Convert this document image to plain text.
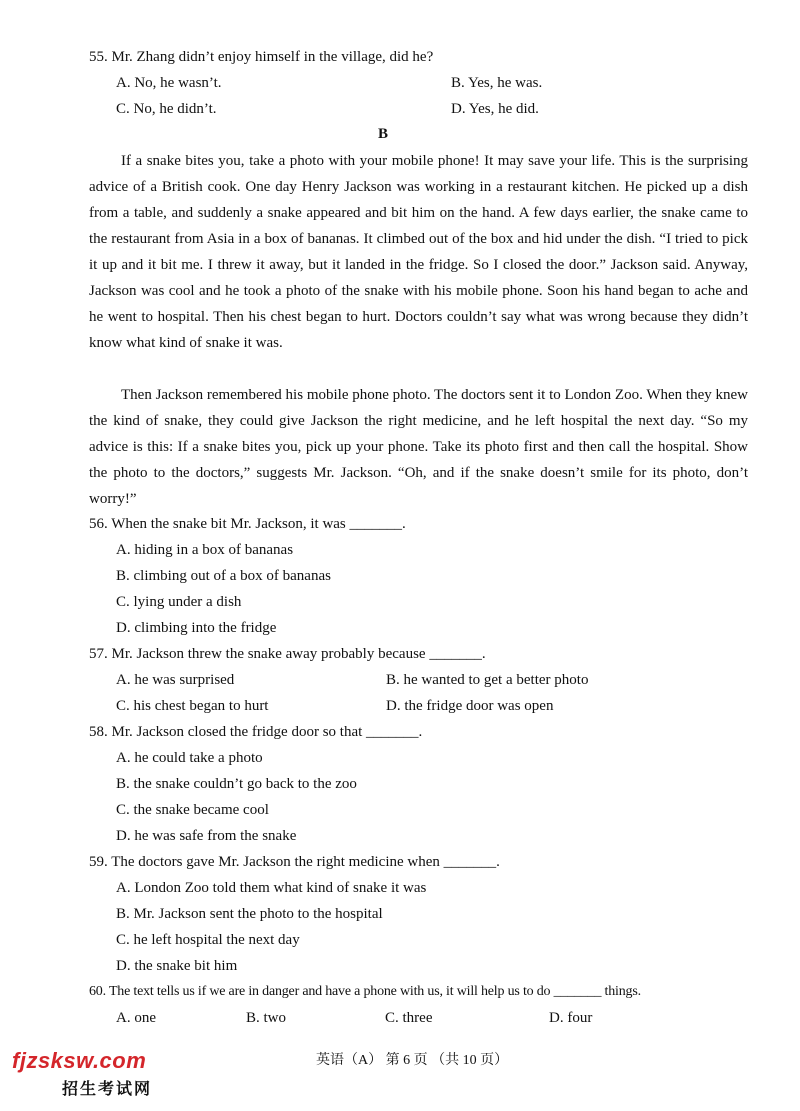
55. Mr. Zhang didn’t enjoy himself in the village, did he?
A. No, he wasn’t.	B. Yes, he was.
C. No, he didn’t.	D. Yes, he did.
B
If a snake bites you, take a photo with your mobile phone! It may save your life. This is the surprising advice of a British cook. One day Henry Jackson was working in a restaurant kitchen. He picked up a dish from a table, and suddenly a snake appeared and bit him on the hand. A few days earlier, the snake came to the restaurant from Asia in a box of bananas. It climbed out of the box and hid under the dish. “I tried to pick it up and it bit me. I threw it away, but it landed in the fridge. So I closed the door.” Jackson said. Anyway, Jackson was cool and he took a photo of the snake with his mobile phone. Soon his hand began to ache and he went to hospital. Then his chest began to hurt. Doctors couldn’t say what was wrong because they didn’t know what kind of snake it was.
Then Jackson remembered his mobile phone photo. The doctors sent it to London Zoo. When they knew the kind of snake, they could give Jackson the right medicine, and he left hospital the next day. “So my advice is this: If a snake bites you, pick up your phone. Take its photo first and then call the hospital. Show the photo to the doctors,” suggests Mr. Jackson. “Oh, and if the snake doesn’t smile for its photo, don’t worry!”
56. When the snake bit Mr. Jackson, it was _______.
A. hiding in a box of bananas
B. climbing out of a box of bananas
C. lying under a dish
D. climbing into the fridge
57. Mr. Jackson threw the snake away probably because _______.
A. he was surprised	B. he wanted to get a better photo
C. his chest began to hurt	D. the fridge door was open
58. Mr. Jackson closed the fridge door so that _______.
A. he could take a photo
B. the snake couldn’t go back to the zoo
C. the snake became cool
D. he was safe from the snake
59. The doctors gave Mr. Jackson the right medicine when _______.
A. London Zoo told them what kind of snake it was
B. Mr. Jackson sent the photo to the hospital
C. he left hospital the next day
D. the snake bit him
60. The text tells us if we are in danger and have a phone with us, it will help us to do _______ things.
A. one	B. two	C. three	D. four
英语（A） 第 6 页 （共 10 页）
fjzsksw.com
招生考试网
